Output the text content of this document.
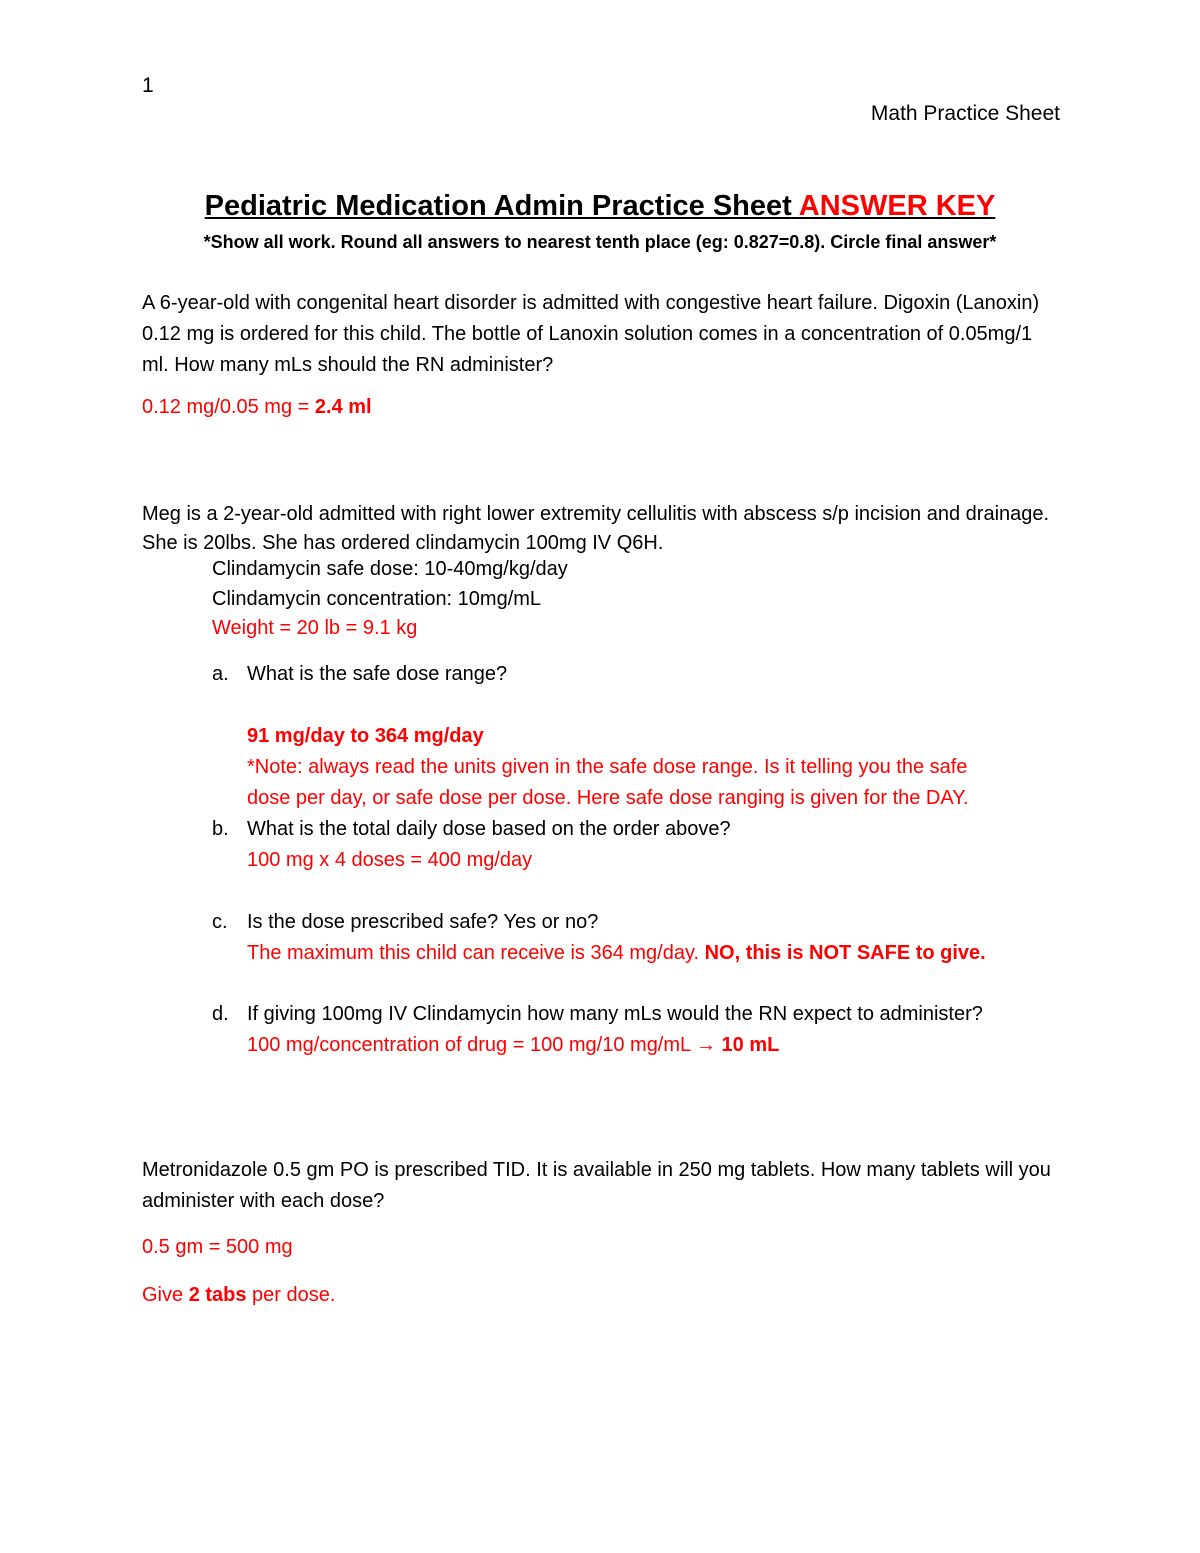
1
Math Practice Sheet
Pediatric Medication Admin Practice Sheet ANSWER KEY
*Show all work. Round all answers to nearest tenth place (eg: 0.827=0.8). Circle final answer*
A 6-year-old with congenital heart disorder is admitted with congestive heart failure. Digoxin (Lanoxin) 0.12 mg is ordered for this child. The bottle of Lanoxin solution comes in a concentration of 0.05mg/1 ml. How many mLs should the RN administer?
0.12 mg/0.05 mg = 2.4 ml
Meg is a 2-year-old admitted with right lower extremity cellulitis with abscess s/p incision and drainage. She is 20lbs. She has ordered clindamycin 100mg IV Q6H.
Clindamycin safe dose: 10-40mg/kg/day
Clindamycin concentration: 10mg/mL
Weight = 20 lb = 9.1 kg
a. What is the safe dose range?
91 mg/day to 364 mg/day
*Note: always read the units given in the safe dose range. Is it telling you the safe
dose per day, or safe dose per dose. Here safe dose ranging is given for the DAY.
b. What is the total daily dose based on the order above?
100 mg x 4 doses = 400 mg/day
c. Is the dose prescribed safe? Yes or no?
The maximum this child can receive is 364 mg/day. NO, this is NOT SAFE to give.
d. If giving 100mg IV Clindamycin how many mLs would the RN expect to administer?
100 mg/concentration of drug = 100 mg/10 mg/mL → 10 mL
Metronidazole 0.5 gm PO is prescribed TID. It is available in 250 mg tablets. How many tablets will you administer with each dose?
0.5 gm = 500 mg
Give 2 tabs per dose.
